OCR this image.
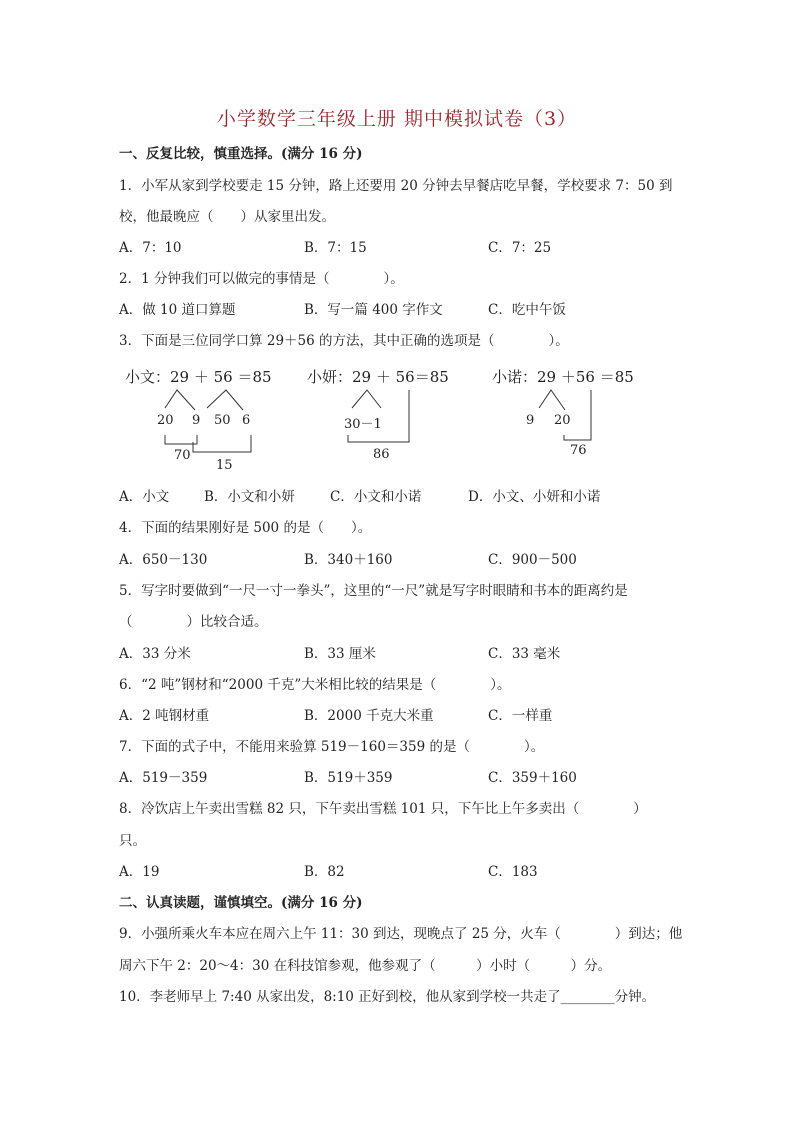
小学数学三年级上册 期中模拟试卷（3）
一、反复比较，慎重选择。(满分 16 分)
1．小军从家到学校要走 15 分钟，路上还要用 20 分钟去早餐店吃早餐，学校要求 7：50 到
校，他最晚应（　　）从家里出发。
A．7：10	B．7：15	C．7：25
2．1 分钟我们可以做完的事情是（　　　　）。
A．做 10 道口算题	B．写一篇 400 字作文	C．吃中午饭
3．下面是三位同学口算 29＋56 的方法，其中正确的选项是（　　　　）。
小文：29 ＋ 56 ＝85
20 9 50 6
70
15
小妍：29 ＋ 56＝85
30－1
86
小诺：29 ＋56 ＝85
9 20
76
A．小文	B．小文和小妍	C．小文和小诺	D．小文、小妍和小诺
4．下面的结果刚好是 500 的是（　　）。
A．650－130	B．340＋160	C．900－500
5．写字时要做到“一尺一寸一拳头”，这里的“一尺”就是写字时眼睛和书本的距离约是
（　　　　）比较合适。
A．33 分米	B．33 厘米	C．33 毫米
6．“2 吨”钢材和“2000 千克”大米相比较的结果是（　　　　）。
A．2 吨钢材重	B．2000 千克大米重	C．一样重
7．下面的式子中，不能用来验算 519－160＝359 的是（　　　　）。
A．519－359	B．519＋359	C．359＋160
8．冷饮店上午卖出雪糕 82 只，下午卖出雪糕 101 只，下午比上午多卖出（　　　　）
只。
A．19	B．82	C．183
二、认真读题，谨慎填空。(满分 16 分)
9．小强所乘火车本应在周六上午 11：30 到达，现晚点了 25 分，火车（　　　　）到达；他
周六下午 2：20～4：30 在科技馆参观，他参观了（　　　）小时（　　　）分。
10．李老师早上 7:40 从家出发，8:10 正好到校，他从家到学校一共走了________分钟。
